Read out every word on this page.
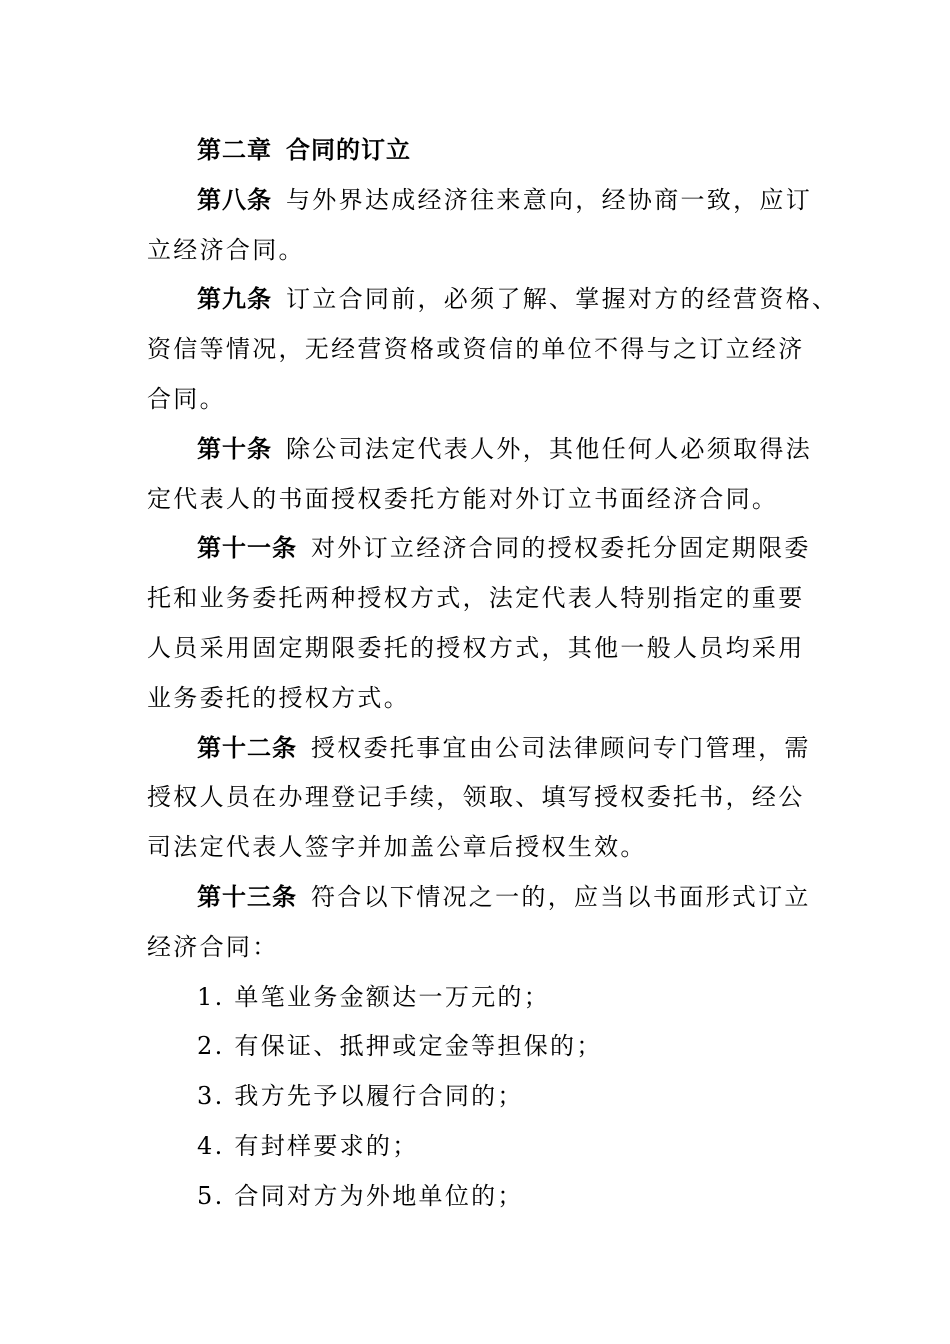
第二章 合同的订立
第八条 与外界达成经济往来意向，经协商一致，应订
立经济合同。
第九条 订立合同前，必须了解、掌握对方的经营资格、
资信等情况，无经营资格或资信的单位不得与之订立经济
合同。
第十条 除公司法定代表人外，其他任何人必须取得法
定代表人的书面授权委托方能对外订立书面经济合同。
第十一条 对外订立经济合同的授权委托分固定期限委
托和业务委托两种授权方式，法定代表人特别指定的重要
人员采用固定期限委托的授权方式，其他一般人员均采用
业务委托的授权方式。
第十二条 授权委托事宜由公司法律顾问专门管理，需
授权人员在办理登记手续，领取、填写授权委托书，经公
司法定代表人签字并加盖公章后授权生效。
第十三条 符合以下情况之一的，应当以书面形式订立
经济合同：
1. 单笔业务金额达一万元的；
2. 有保证、抵押或定金等担保的；
3. 我方先予以履行合同的；
4. 有封样要求的；
5. 合同对方为外地单位的；
